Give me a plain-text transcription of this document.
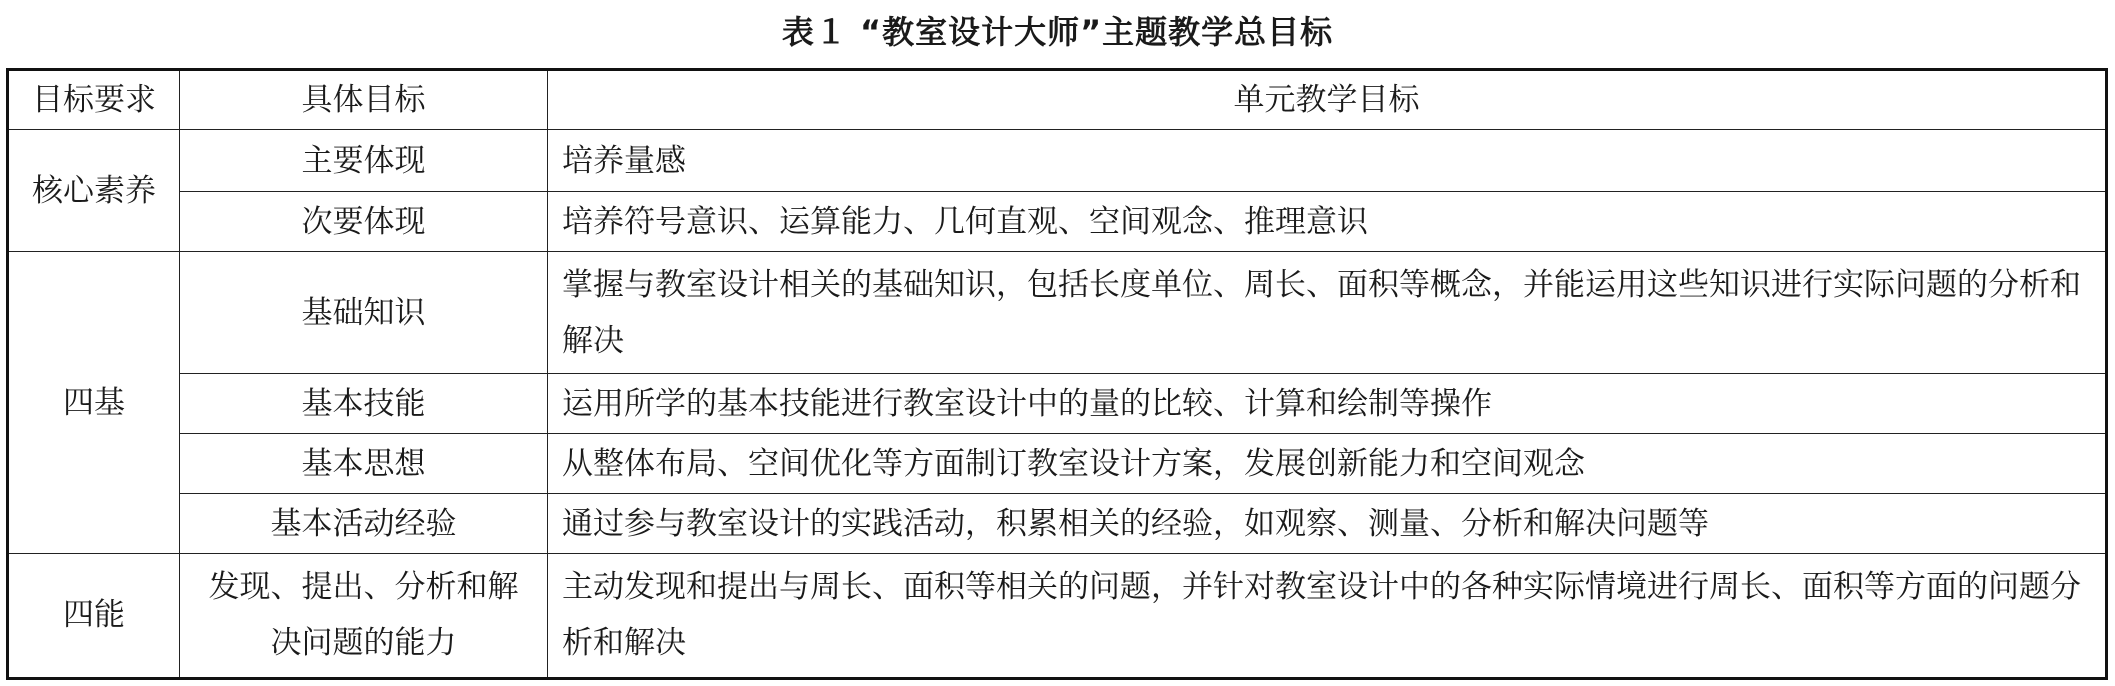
表１ “教室设计大师”主题教学总目标
目标要求	具体目标	单元教学目标
核心素养	主要体现	培养量感
	次要体现	培养符号意识、运算能力、几何直观、空间观念、推理意识
四基	基础知识	掌握与教室设计相关的基础知识，包括长度单位、周长、面积等概念，并能运用这些知识进行实际问题的分析和解决
	基本技能	运用所学的基本技能进行教室设计中的量的比较、计算和绘制等操作
	基本思想	从整体布局、空间优化等方面制订教室设计方案，发展创新能力和空间观念
	基本活动经验	通过参与教室设计的实践活动，积累相关的经验，如观察、测量、分析和解决问题等
四能	发现、提出、分析和解决问题的能力	主动发现和提出与周长、面积等相关的问题，并针对教室设计中的各种实际情境进行周长、面积等方面的问题分析和解决
